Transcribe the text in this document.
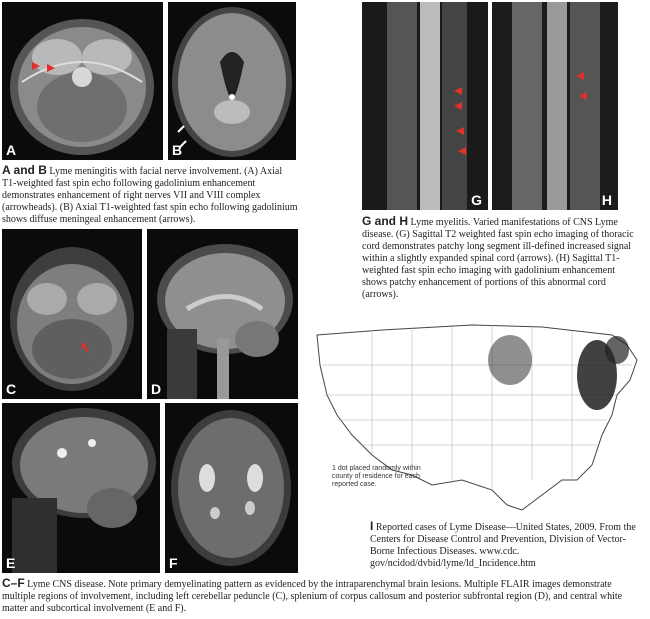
A	B
A and B Lyme meningitis with facial nerve involvement. (A) Axial T1-weighted fast spin echo following gadolinium enhancement demonstrates enhancement of right nerves VII and VIII complex (arrowheads). (B) Axial T1-weighted fast spin echo following gadolinium shows diffuse meningeal enhancement (arrows).
C	D
E	F
C–F Lyme CNS disease. Note primary demyelinating pattern as evidenced by the intraparenchymal brain lesions. Multiple FLAIR images demonstrate multiple regions of involvement, including left cerebellar peduncle (C), splenium of corpus callosum and posterior subfrontal region (D), and central white matter and subcortical involvement (E and F).
G	H
G and H Lyme myelitis. Varied manifestations of CNS Lyme disease. (G) Sagittal T2 weighted fast spin echo imaging of thoracic cord demonstrates patchy long segment ill-defined increased signal within a slightly expanded spinal cord (arrows). (H) Sagittal T1-weighted fast spin echo imaging with gadolinium enhancement shows patchy enhancement of portions of this abnormal cord (arrows).
1 dot placed randomly within county of residence for each reported case.
I Reported cases of Lyme Disease—United States, 2009. From the Centers for Disease Control and Prevention, Division of Vector-Borne Infectious Diseases. www.cdc. gov/ncidod/dvbid/lyme/ld_Incidence.htm
